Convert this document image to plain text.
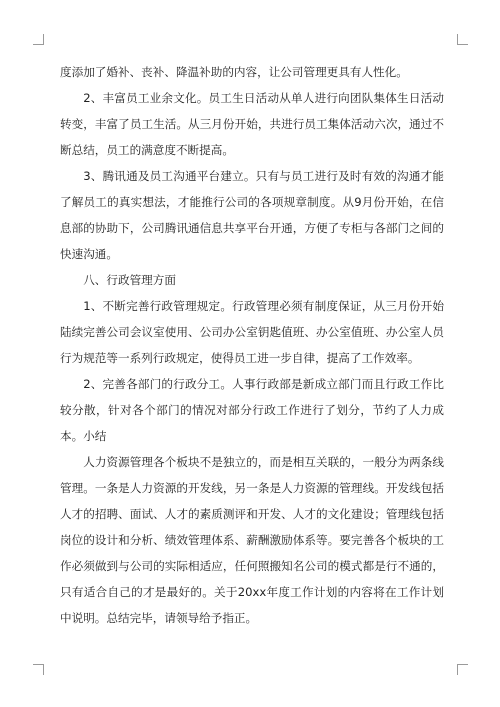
度添加了婚补、丧补、降温补助的内容，让公司管理更具有人性化。

2、丰富员工业余文化。员工生日活动从单人进行向团队集体生日活动转变，丰富了员工生活。从三月份开始，共进行员工集体活动六次，通过不断总结，员工的满意度不断提高。

3、腾讯通及员工沟通平台建立。只有与员工进行及时有效的沟通才能了解员工的真实想法，才能推行公司的各项规章制度。从9月份开始，在信息部的协助下，公司腾讯通信息共享平台开通，方便了专柜与各部门之间的快速沟通。

八、行政管理方面

1、不断完善行政管理规定。行政管理必须有制度保证，从三月份开始陆续完善公司会议室使用、公司办公室钥匙值班、办公室值班、办公室人员行为规范等一系列行政规定，使得员工进一步自律，提高了工作效率。

2、完善各部门的行政分工。人事行政部是新成立部门而且行政工作比较分散，针对各个部门的情况对部分行政工作进行了划分，节约了人力成本。小结

人力资源管理各个板块不是独立的，而是相互关联的，一般分为两条线管理。一条是人力资源的开发线，另一条是人力资源的管理线。开发线包括人才的招聘、面试、人才的素质测评和开发、人才的文化建设；管理线包括岗位的设计和分析、绩效管理体系、薪酬激励体系等。要完善各个板块的工作必须做到与公司的实际相适应，任何照搬知名公司的模式都是行不通的，只有适合自己的才是最好的。关于20xx年度工作计划的内容将在工作计划中说明。总结完毕，请领导给予指正。
